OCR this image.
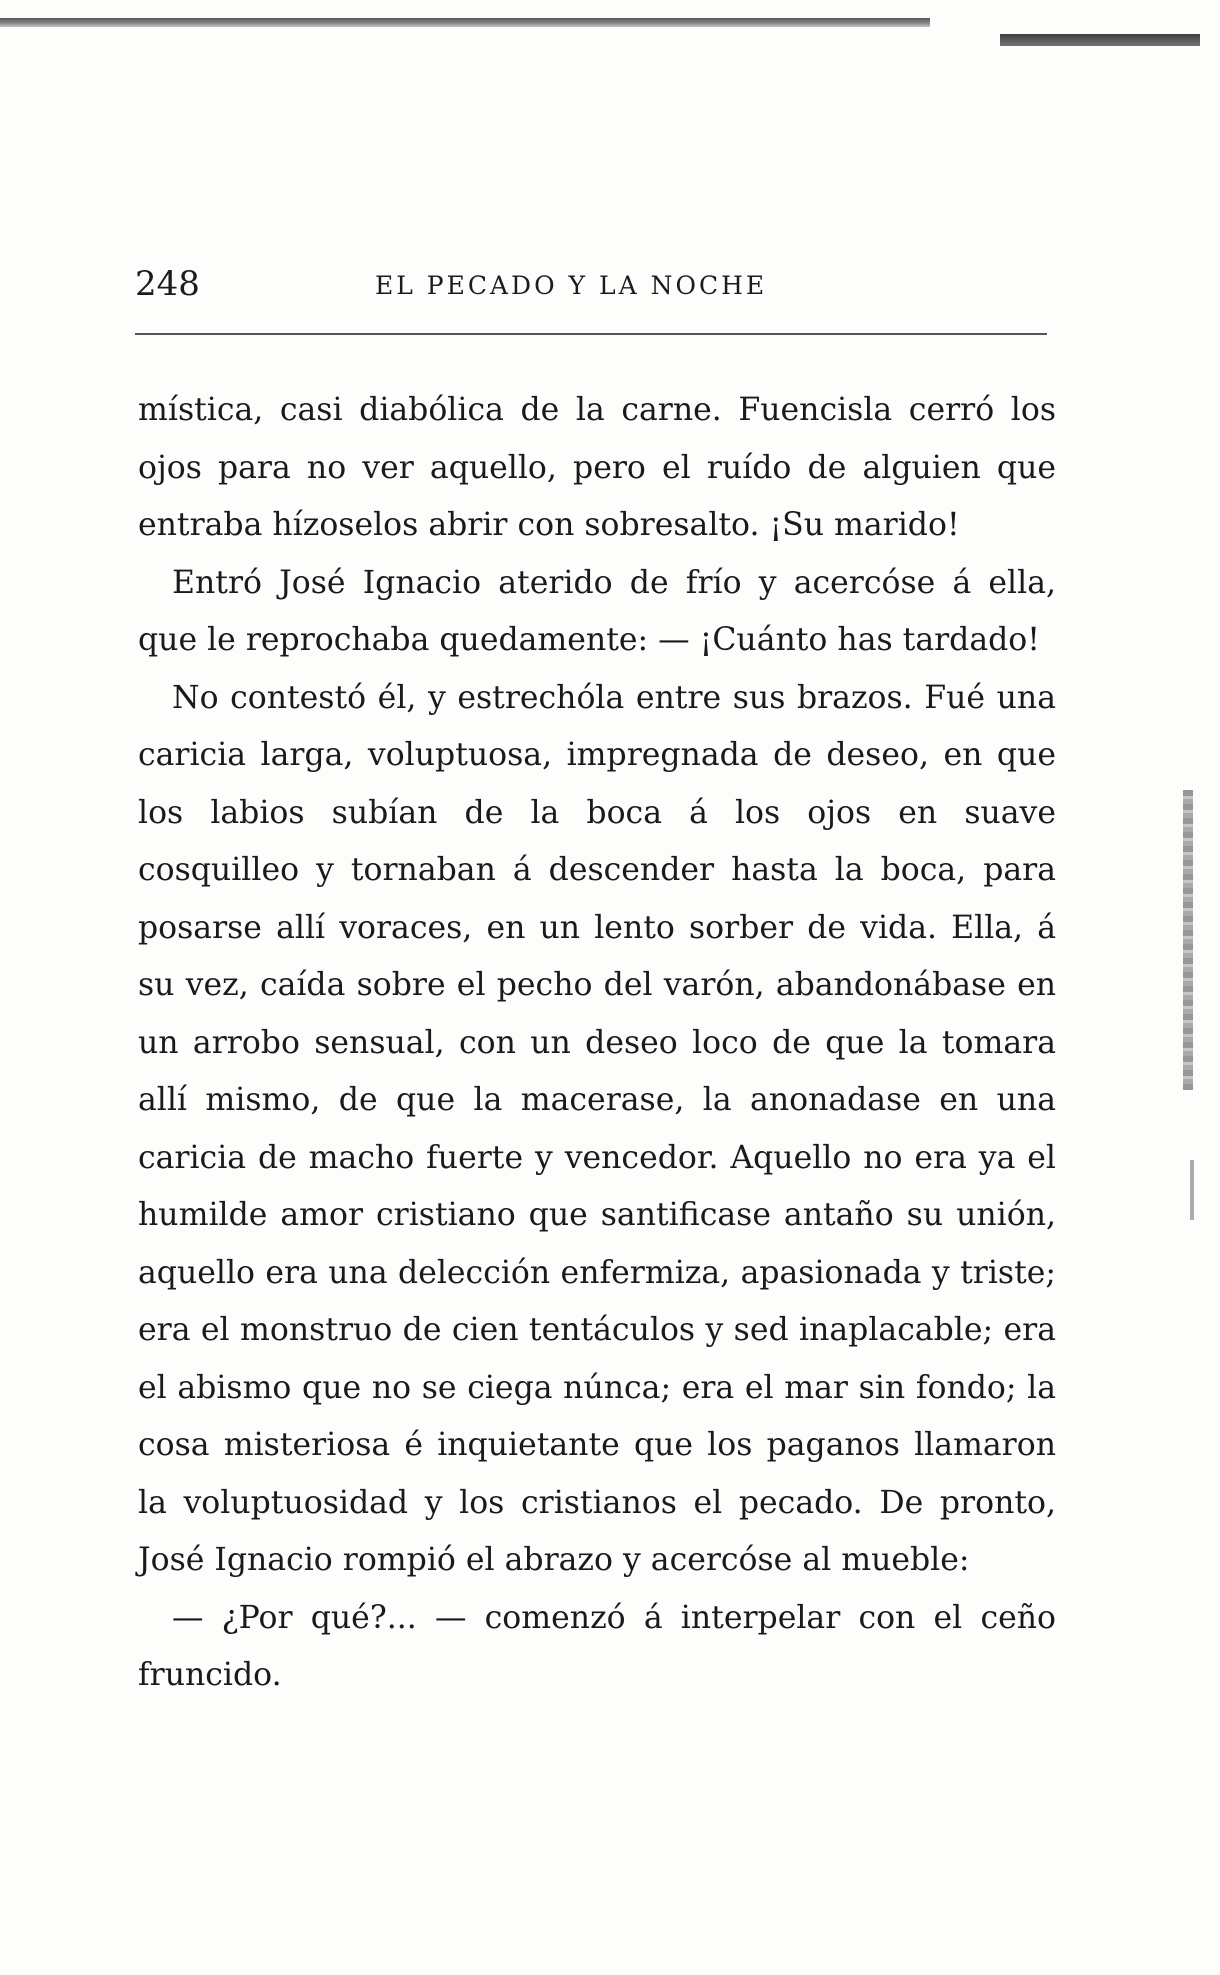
248	EL PECADO Y LA NOCHE

mística, casi diabólica de la carne. Fuencisla cerró los ojos para no ver aquello, pero el ruído de alguien que entraba hízoselos abrir con sobresalto. ¡Su marido!

Entró José Ignacio aterido de frío y acercóse á ella, que le reprochaba quedamente: — ¡Cuánto has tardado!

No contestó él, y estrechóla entre sus brazos. Fué una caricia larga, voluptuosa, impregnada de deseo, en que los labios subían de la boca á los ojos en suave cosquilleo y tornaban á descender hasta la boca, para posarse allí voraces, en un lento sorber de vida. Ella, á su vez, caída sobre el pecho del varón, abandonábase en un arrobo sensual, con un deseo loco de que la tomara allí mismo, de que la macerase, la anonadase en una caricia de macho fuerte y vencedor. Aquello no era ya el humilde amor cristiano que santificase antaño su unión, aquello era una delección enfermiza, apasionada y triste; era el monstruo de cien tentáculos y sed inaplacable; era el abismo que no se ciega núnca; era el mar sin fondo; la cosa misteriosa é inquietante que los paganos llamaron la voluptuosidad y los cristianos el pecado. De pronto, José Ignacio rompió el abrazo y acercóse al mueble:

— ¿Por qué?... — comenzó á interpelar con el ceño fruncido.
